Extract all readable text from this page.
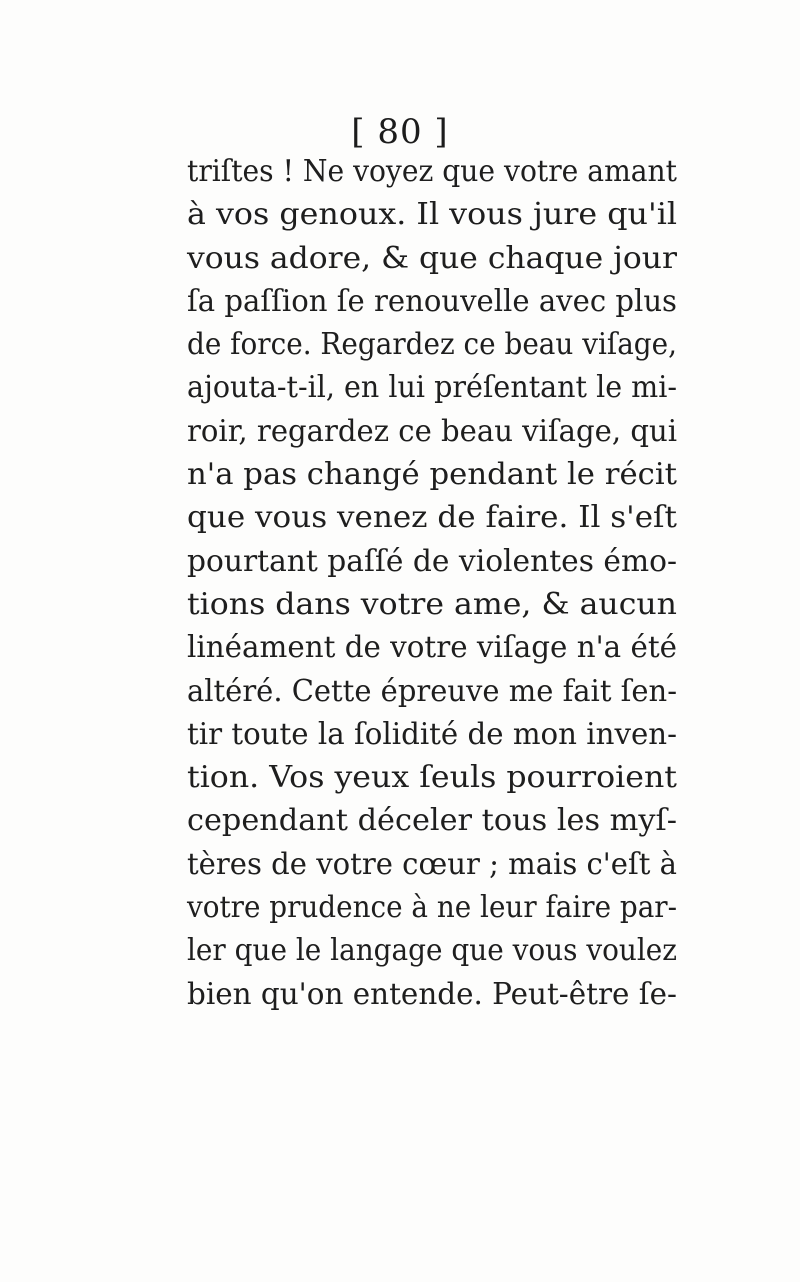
[ 80 ]
triſtes ! Ne voyez que votre amant
à vos genoux. Il vous jure qu'il
vous adore, & que chaque jour
ſa paſſion ſe renouvelle avec plus
de force. Regardez ce beau viſage,
ajouta-t-il, en lui préſentant le mi-
roir, regardez ce beau viſage, qui
n'a pas changé pendant le récit
que vous venez de faire. Il s'eſt
pourtant paſſé de violentes émo-
tions dans votre ame, & aucun
linéament de votre viſage n'a été
altéré. Cette épreuve me fait ſen-
tir toute la ſolidité de mon inven-
tion. Vos yeux ſeuls pourroient
cependant déceler tous les myſ-
tères de votre cœur ; mais c'eſt à
votre prudence à ne leur faire par-
ler que le langage que vous voulez
bien qu'on entende. Peut-être ſe-
